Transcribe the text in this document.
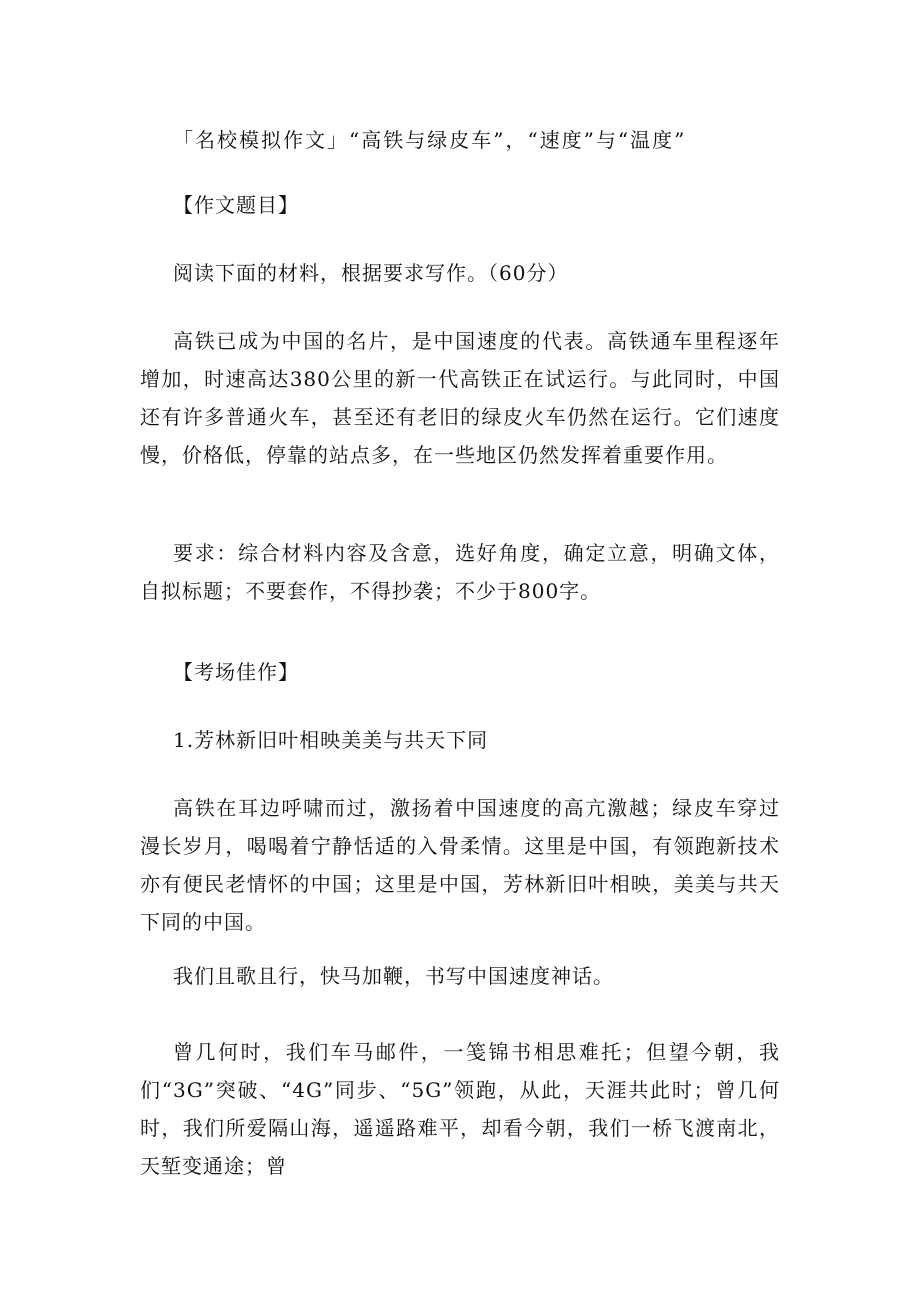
「名校模拟作文」“高铁与绿皮车”，“速度”与“温度”
【作文题目】
阅读下面的材料，根据要求写作。（60分）
高铁已成为中国的名片，是中国速度的代表。高铁通车里程逐年增加，时速高达380公里的新一代高铁正在试运行。与此同时，中国还有许多普通火车，甚至还有老旧的绿皮火车仍然在运行。它们速度慢，价格低，停靠的站点多，在一些地区仍然发挥着重要作用。
要求：综合材料内容及含意，选好角度，确定立意，明确文体，自拟标题；不要套作，不得抄袭；不少于800字。
【考场佳作】
1.芳林新旧叶相映美美与共天下同
高铁在耳边呼啸而过，激扬着中国速度的高亢激越；绿皮车穿过漫长岁月，喝喝着宁静恬适的入骨柔情。这里是中国，有领跑新技术亦有便民老情怀的中国；这里是中国，芳林新旧叶相映，美美与共天下同的中国。
我们且歌且行，快马加鞭，书写中国速度神话。
曾几何时，我们车马邮件，一笺锦书相思难托；但望今朝，我们“3G”突破、“4G”同步、“5G”领跑，从此，天涯共此时；曾几何时，我们所爱隔山海，遥遥路难平，却看今朝，我们一桥飞渡南北，天堑变通途；曾
